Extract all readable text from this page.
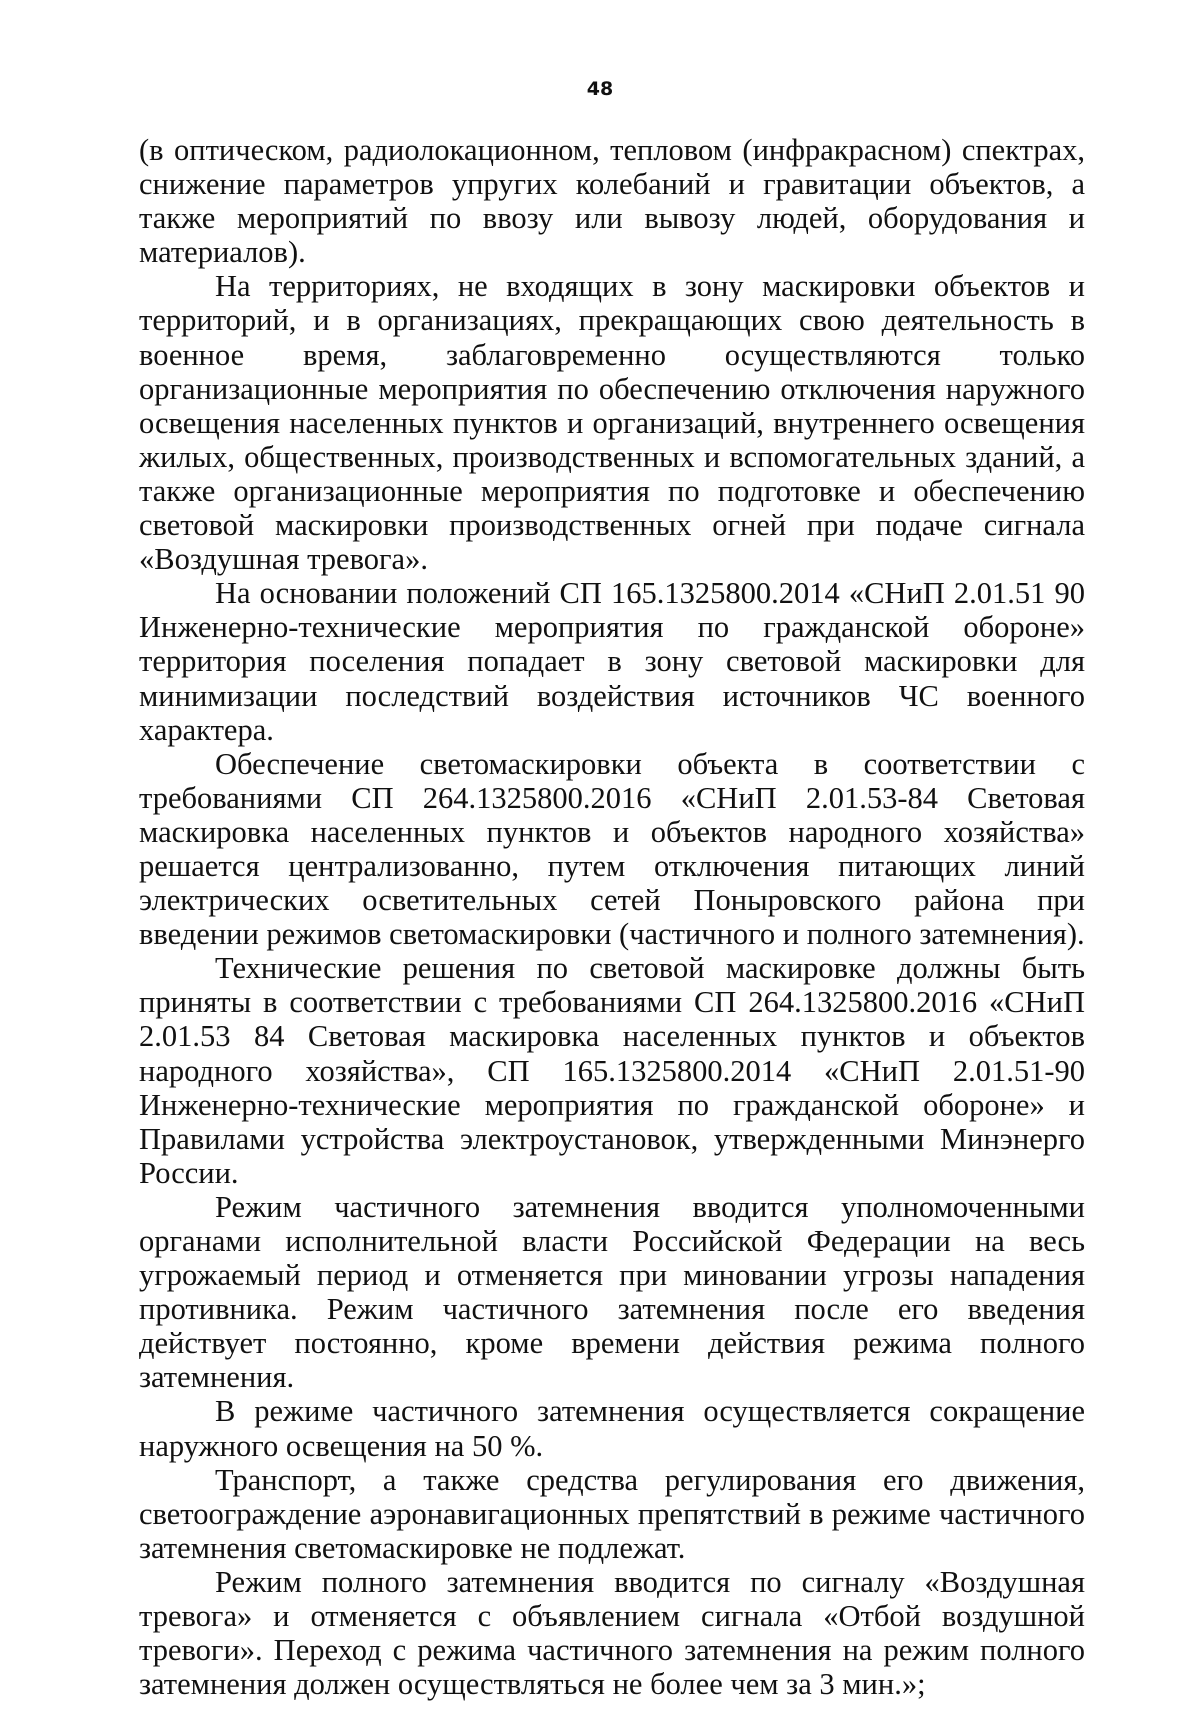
48

(в оптическом, радиолокационном, тепловом (инфракрасном) спектрах, снижение параметров упругих колебаний и гравитации объектов, а также мероприятий по ввозу или вывозу людей, оборудования и материалов).

На территориях, не входящих в зону маскировки объектов и территорий, и в организациях, прекращающих свою деятельность в военное время, заблаговременно осуществляются только организационные мероприятия по обеспечению отключения наружного освещения населенных пунктов и организаций, внутреннего освещения жилых, общественных, производственных и вспомогательных зданий, а также организационные мероприятия по подготовке и обеспечению световой маскировки производственных огней при подаче сигнала «Воздушная тревога».

На основании положений СП 165.1325800.2014 «СНиП 2.01.51 90 Инженерно-технические мероприятия по гражданской обороне» территория поселения попадает в зону световой маскировки для минимизации последствий воздействия источников ЧС военного характера.

Обеспечение светомаскировки объекта в соответствии с требованиями СП 264.1325800.2016 «СНиП 2.01.53-84 Световая маскировка населенных пунктов и объектов народного хозяйства» решается централизованно, путем отключения питающих линий электрических осветительных сетей Поныровского района при введении режимов светомаскировки (частичного и полного затемнения).

Технические решения по световой маскировке должны быть приняты в соответствии с требованиями СП 264.1325800.2016 «СНиП 2.01.53 84 Световая маскировка населенных пунктов и объектов народного хозяйства», СП 165.1325800.2014 «СНиП 2.01.51-90 Инженерно-технические мероприятия по гражданской обороне» и Правилами устройства электроустановок, утвержденными Минэнерго России.

Режим частичного затемнения вводится уполномоченными органами исполнительной власти Российской Федерации на весь угрожаемый период и отменяется при миновании угрозы нападения противника. Режим частичного затемнения после его введения действует постоянно, кроме времени действия режима полного затемнения.

В режиме частичного затемнения осуществляется сокращение наружного освещения на 50 %.

Транспорт, а также средства регулирования его движения, светоограждение аэронавигационных препятствий в режиме частичного затемнения светомаскировке не подлежат.

Режим полного затемнения вводится по сигналу «Воздушная тревога» и отменяется с объявлением сигнала «Отбой воздушной тревоги». Переход с режима частичного затемнения на режим полного затемнения должен осуществляться не более чем за 3 мин.»;
